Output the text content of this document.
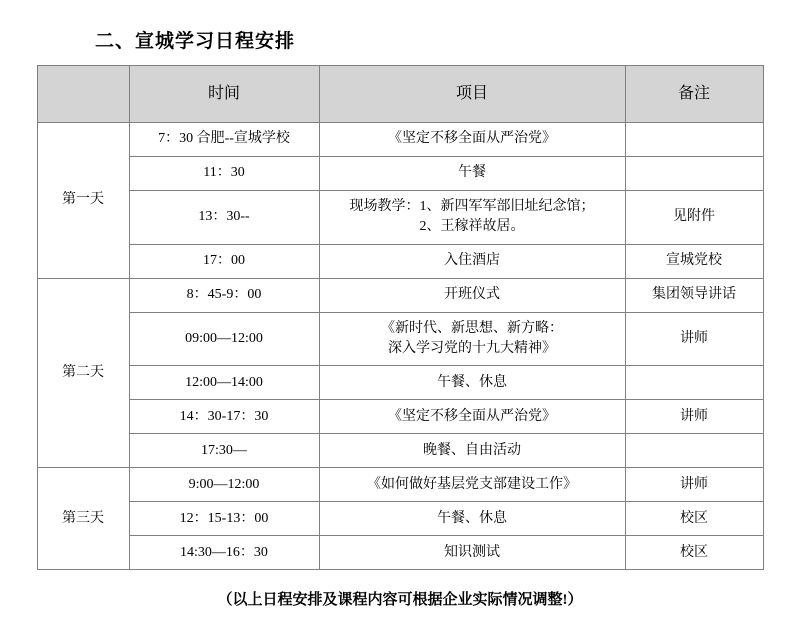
二、宣城学习日程安排
	时间	项目	备注
第一天	7：30 合肥--宣城学校	《坚定不移全面从严治党》	
	11：30	午餐	
	13：30--	现场教学：1、新四军军部旧址纪念馆；
2、王稼祥故居。	见附件
	17：00	入住酒店	宣城党校
第二天	8：45-9：00	开班仪式	集团领导讲话
	09:00—12:00	《新时代、新思想、新方略：
深入学习党的十九大精神》	讲师
	12:00—14:00	午餐、休息	
	14：30-17：30	《坚定不移全面从严治党》	讲师
	17:30—	晚餐、自由活动	
第三天	9:00—12:00	《如何做好基层党支部建设工作》	讲师
	12：15-13：00	午餐、休息	校区
	14:30—16：30	知识测试	校区
（以上日程安排及课程内容可根据企业实际情况调整!）
